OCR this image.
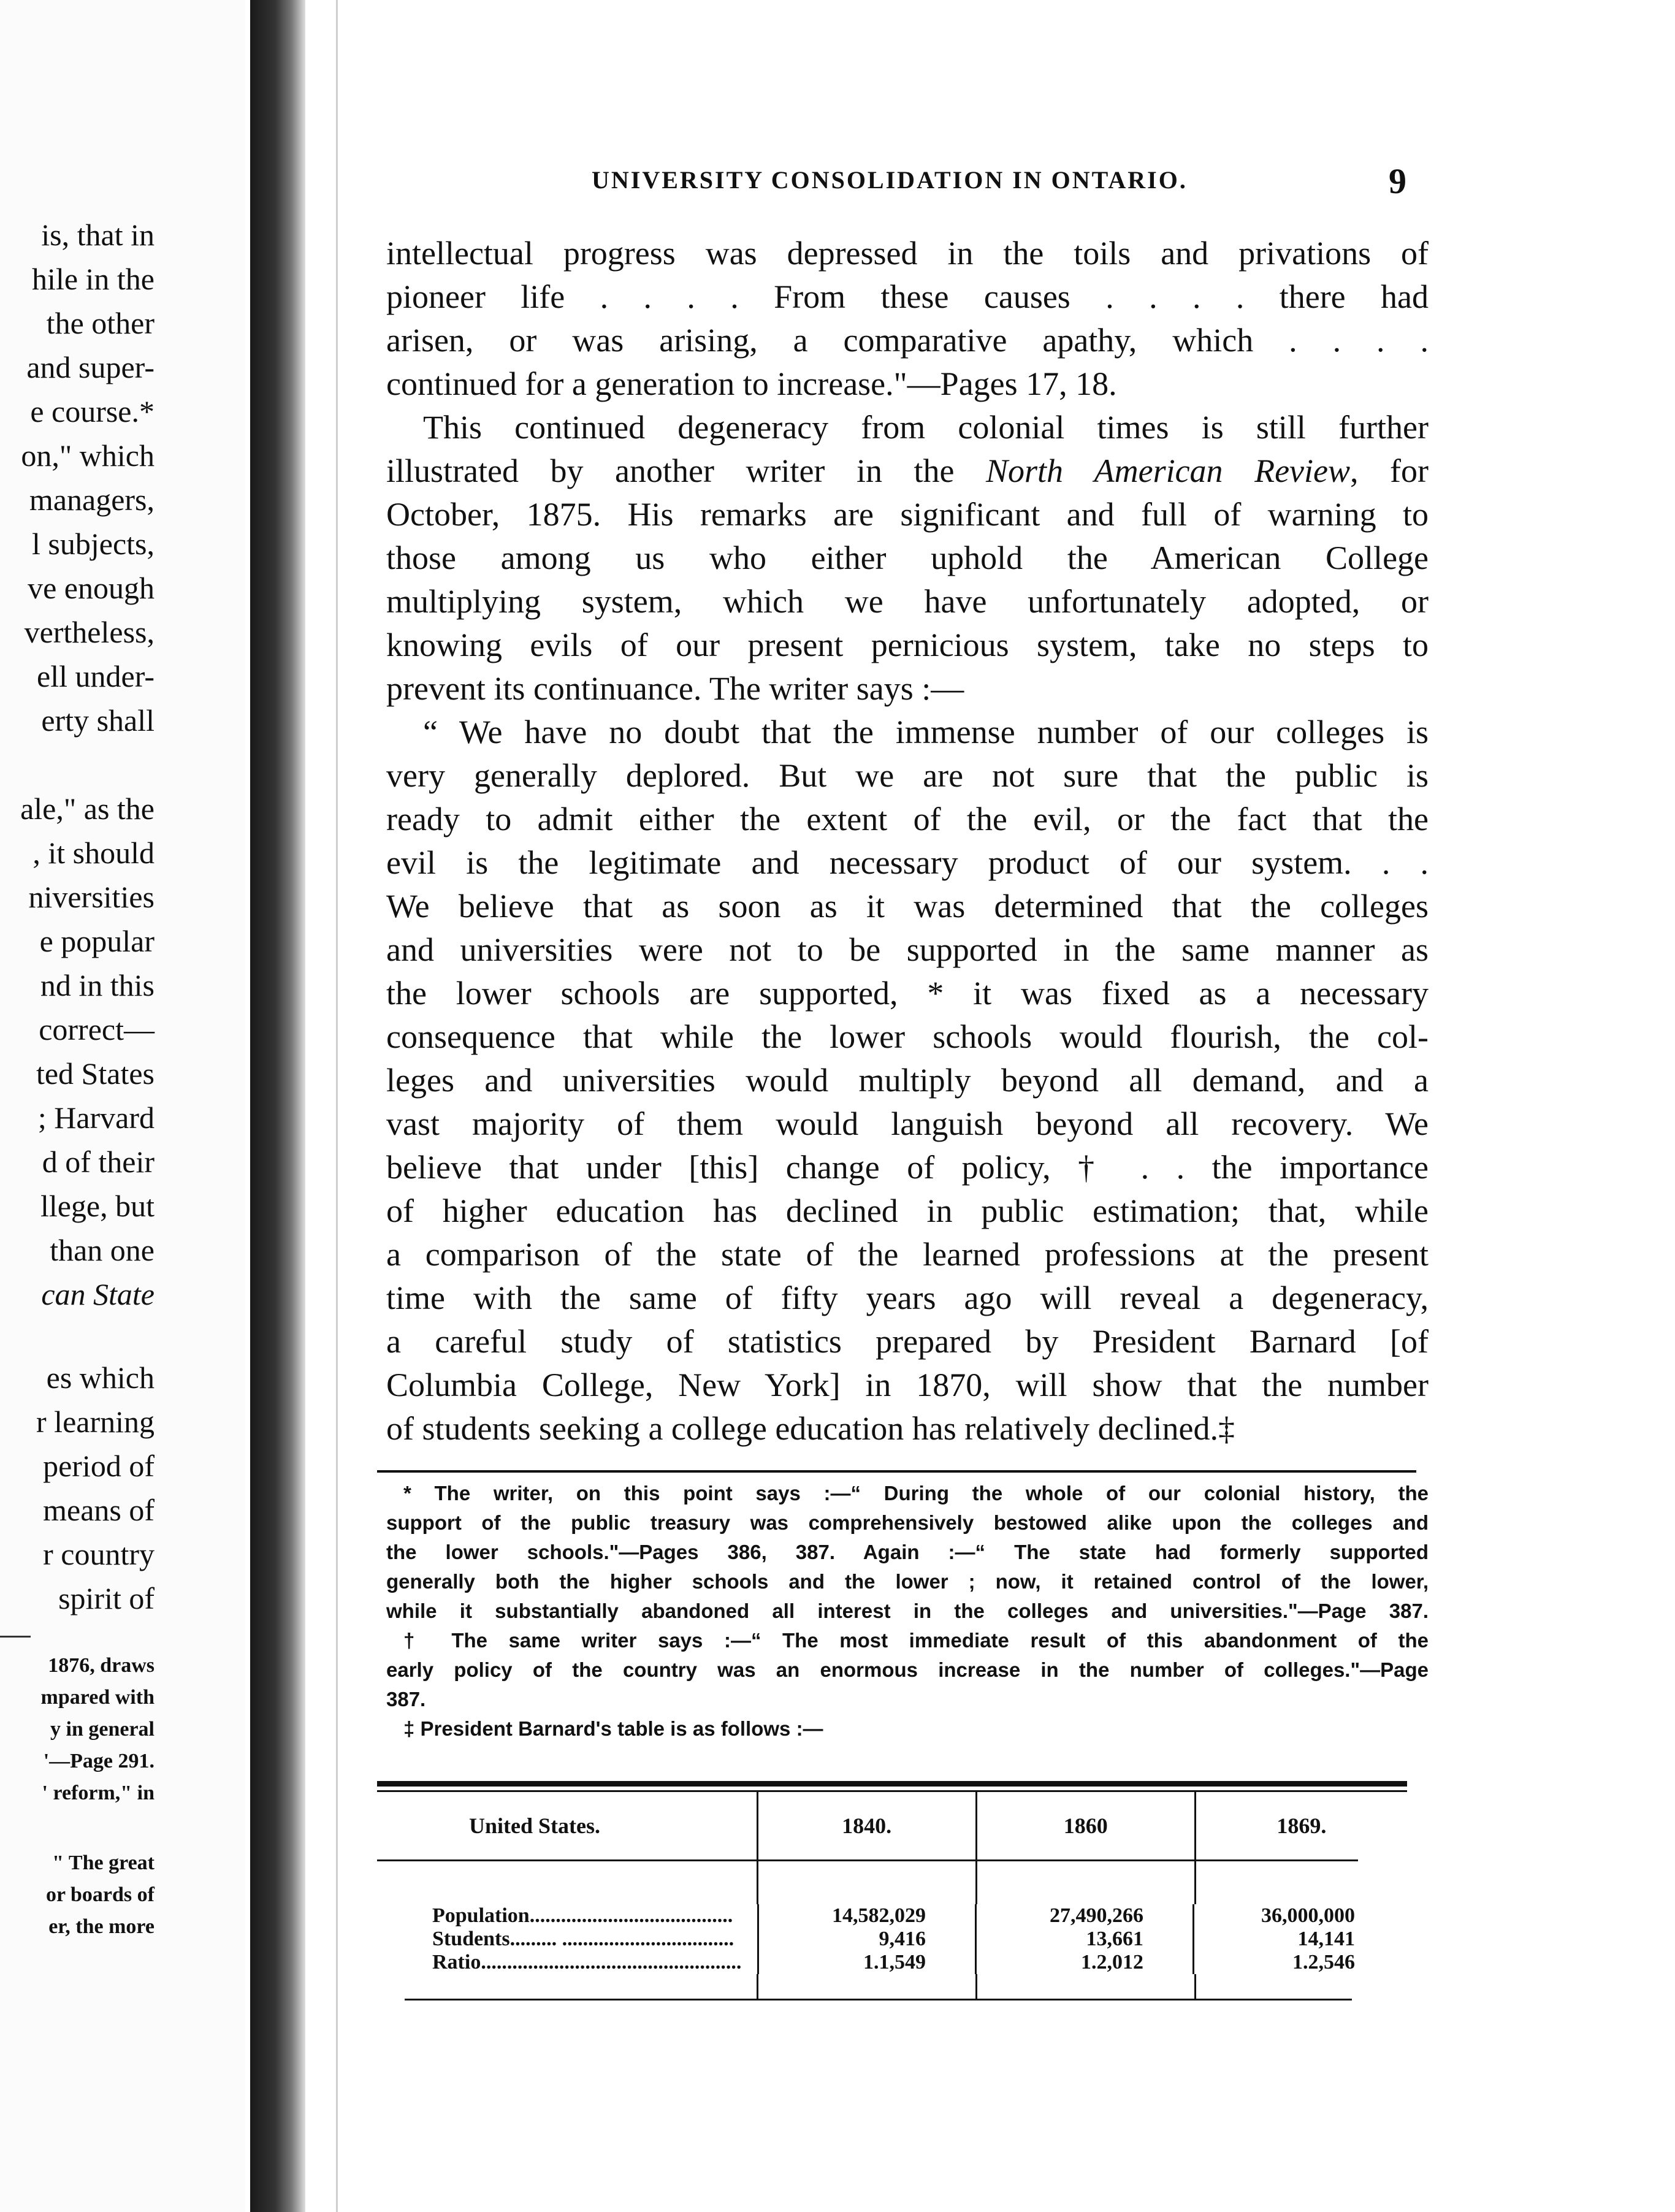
is, that in
hile in the
the other
and super-
e course.*
on," which
managers,
l subjects,
ve enough
vertheless,
ell under-
erty shall
ale," as the
, it should
niversities
e popular
nd in this
correct—
ted States
; Harvard
d of their
llege, but
than one
can State
es which
r learning
period of
means of
r country
spirit of
1876, draws
mpared with
y in general
'—Page 291.
' reform," in
" The great
or boards of
er, the more
UNIVERSITY CONSOLIDATION IN ONTARIO.	9
intellectual progress was depressed in the toils and privations of
pioneer life . . . . From these causes . . . . there had
arisen, or was arising, a comparative apathy, which . . . .
continued for a generation to increase."—Pages 17, 18.
This continued degeneracy from colonial times is still further
illustrated by another writer in the North American Review, for
October, 1875. His remarks are significant and full of warning to
those among us who either uphold the American College
multiplying system, which we have unfortunately adopted, or
knowing evils of our present pernicious system, take no steps to
prevent its continuance. The writer says :—
“ We have no doubt that the immense number of our colleges is
very generally deplored. But we are not sure that the public is
ready to admit either the extent of the evil, or the fact that the
evil is the legitimate and necessary product of our system. . .
We believe that as soon as it was determined that the colleges
and universities were not to be supported in the same manner as
the lower schools are supported, * it was fixed as a necessary
consequence that while the lower schools would flourish, the col-
leges and universities would multiply beyond all demand, and a
vast majority of them would languish beyond all recovery. We
believe that under [this] change of policy, † . . the importance
of higher education has declined in public estimation; that, while
a comparison of the state of the learned professions at the present
time with the same of fifty years ago will reveal a degeneracy,
a careful study of statistics prepared by President Barnard [of
Columbia College, New York] in 1870, will show that the number
of students seeking a college education has relatively declined.‡
* The writer, on this point says :—“ During the whole of our colonial history, the
support of the public treasury was comprehensively bestowed alike upon the colleges and
the lower schools."—Pages 386, 387. Again :—“ The state had formerly supported
generally both the higher schools and the lower ; now, it retained control of the lower,
while it substantially abandoned all interest in the colleges and universities."—Page 387.
† The same writer says :—“ The most immediate result of this abandonment of the
early policy of the country was an enormous increase in the number of colleges."—Page
387.
‡ President Barnard's table is as follows :—
United States.	1840.	1860	1869.
Population.......................................	14,582,029	27,490,266	36,000,000
Students......... .................................	9,416	13,661	14,141
Ratio..................................................	1.1,549	1.2,012	1.2,546
